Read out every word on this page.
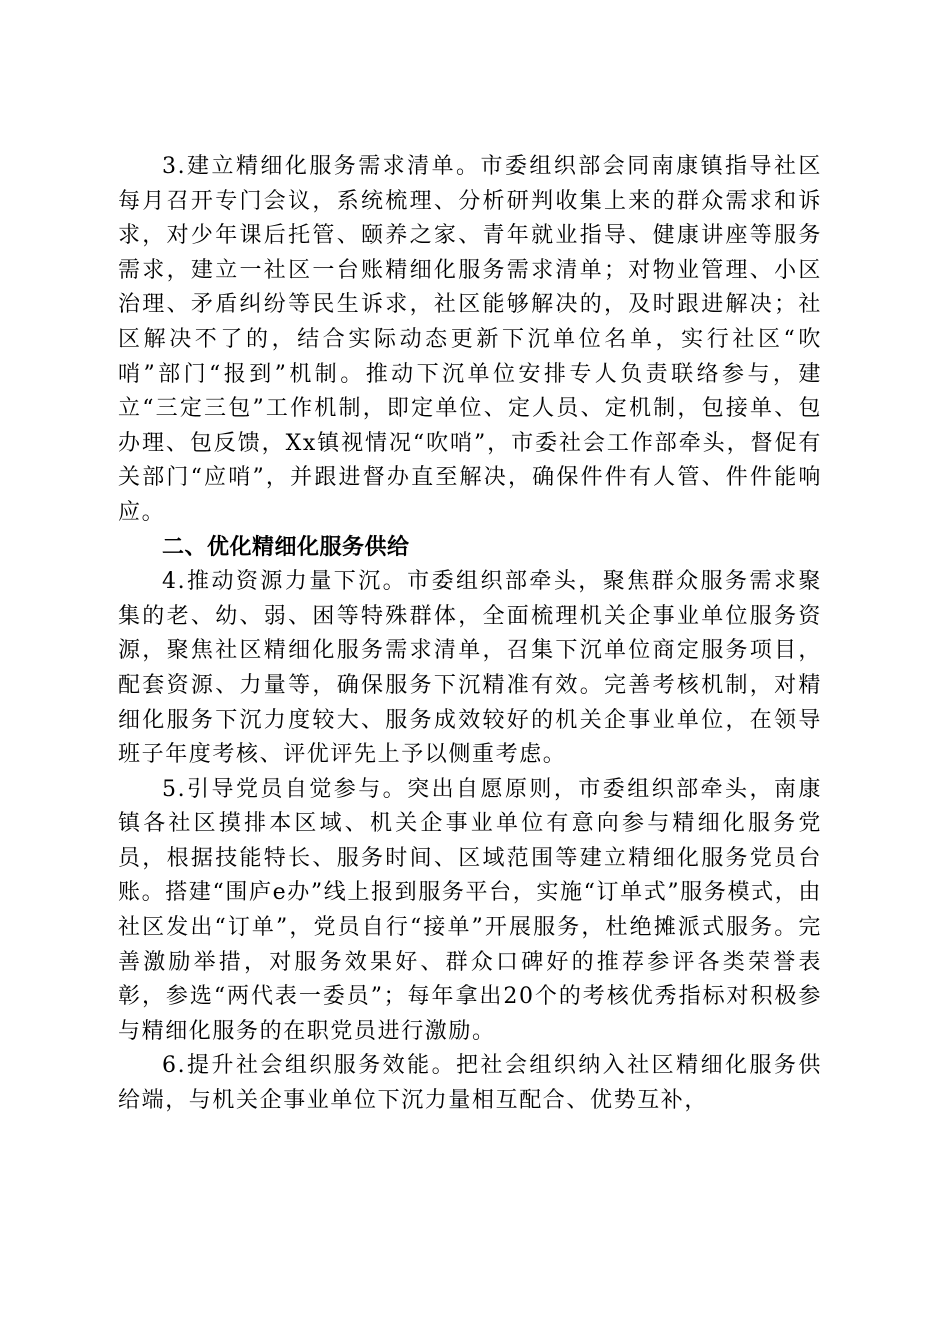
3.建立精细化服务需求清单。市委组织部会同南康镇指导社区每月召开专门会议，系统梳理、分析研判收集上来的群众需求和诉求，对少年课后托管、颐养之家、青年就业指导、健康讲座等服务需求，建立一社区一台账精细化服务需求清单；对物业管理、小区治理、矛盾纠纷等民生诉求，社区能够解决的，及时跟进解决；社区解决不了的，结合实际动态更新下沉单位名单，实行社区“吹哨”部门“报到”机制。推动下沉单位安排专人负责联络参与，建立“三定三包”工作机制，即定单位、定人员、定机制，包接单、包办理、包反馈，Xx镇视情况“吹哨”，市委社会工作部牵头，督促有关部门“应哨”，并跟进督办直至解决，确保件件有人管、件件能响应。

二、优化精细化服务供给

4.推动资源力量下沉。市委组织部牵头，聚焦群众服务需求聚集的老、幼、弱、困等特殊群体，全面梳理机关企事业单位服务资源，聚焦社区精细化服务需求清单，召集下沉单位商定服务项目，配套资源、力量等，确保服务下沉精准有效。完善考核机制，对精细化服务下沉力度较大、服务成效较好的机关企事业单位，在领导班子年度考核、评优评先上予以侧重考虑。

5.引导党员自觉参与。突出自愿原则，市委组织部牵头，南康镇各社区摸排本区域、机关企事业单位有意向参与精细化服务党员，根据技能特长、服务时间、区域范围等建立精细化服务党员台账。搭建“围庐e办”线上报到服务平台，实施“订单式”服务模式，由社区发出“订单”，党员自行“接单”开展服务，杜绝摊派式服务。完善激励举措，对服务效果好、群众口碑好的推荐参评各类荣誉表彰，参选“两代表一委员”；每年拿出20个的考核优秀指标对积极参与精细化服务的在职党员进行激励。

6.提升社会组织服务效能。把社会组织纳入社区精细化服务供给端，与机关企事业单位下沉力量相互配合、优势互补，
